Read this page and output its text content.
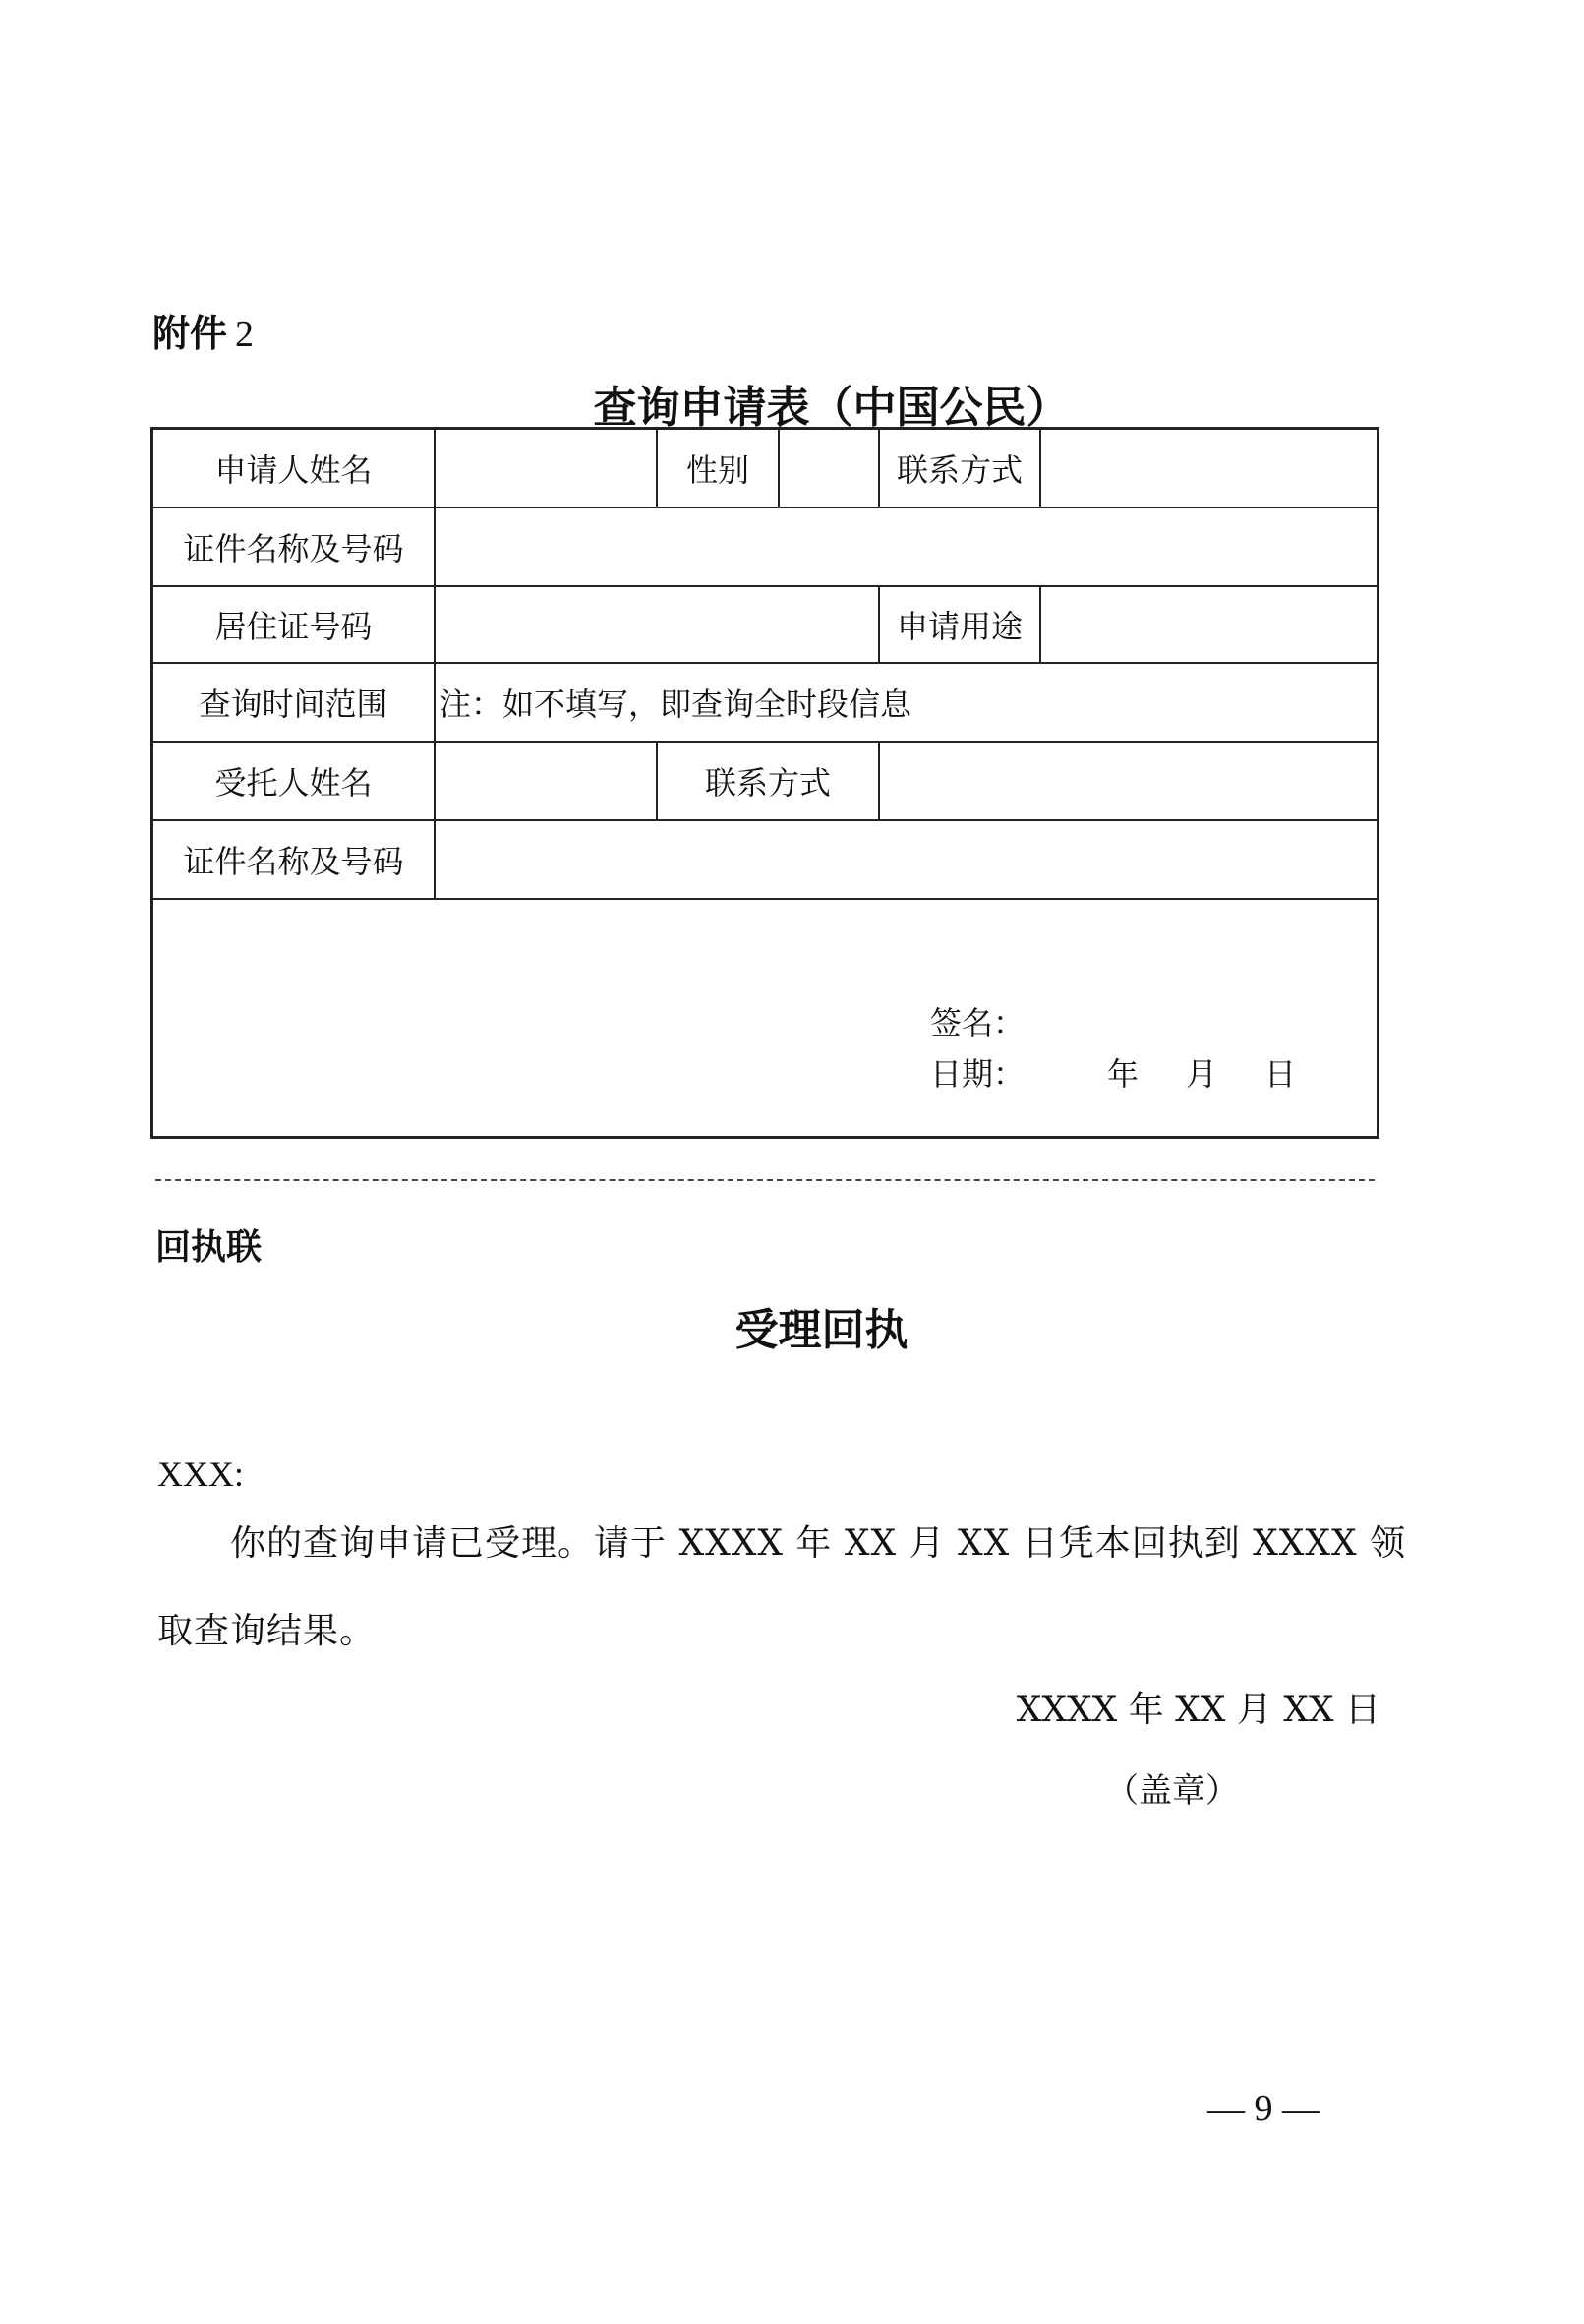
附件 2
查询申请表（中国公民）
申请人姓名	性别	联系方式
证件名称及号码
居住证号码	申请用途
查询时间范围	注：如不填写，即查询全时段信息
受托人姓名	联系方式
证件名称及号码
签名：
日期：	年 月 日
回执联
受理回执
XXX:
你的查询申请已受理。请于 XXXX 年 XX 月 XX 日凭本回执到 XXXX 领
取查询结果。
XXXX 年 XX 月 XX 日
（盖章）
— 9 —
